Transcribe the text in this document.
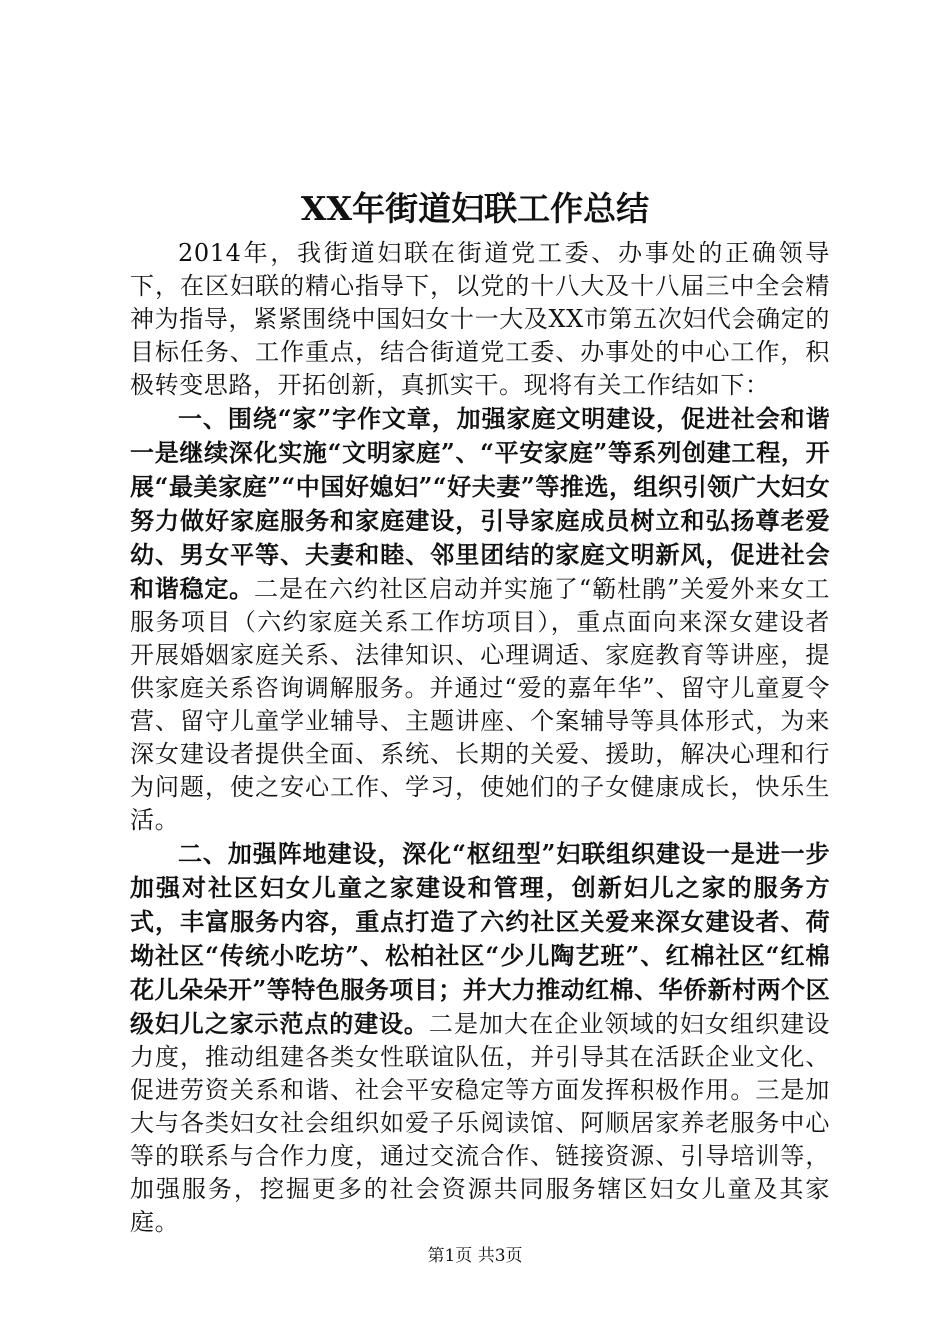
XX年街道妇联工作总结

2014年，我街道妇联在街道党工委、办事处的正确领导下，在区妇联的精心指导下，以党的十八大及十八届三中全会精神为指导，紧紧围绕中国妇女十一大及XX市第五次妇代会确定的目标任务、工作重点，结合街道党工委、办事处的中心工作，积极转变思路，开拓创新，真抓实干。现将有关工作结如下：

一、围绕“家”字作文章，加强家庭文明建设，促进社会和谐一是继续深化实施“文明家庭”、“平安家庭”等系列创建工程，开展“最美家庭”“中国好媳妇”“好夫妻”等推选，组织引领广大妇女努力做好家庭服务和家庭建设，引导家庭成员树立和弘扬尊老爱幼、男女平等、夫妻和睦、邻里团结的家庭文明新风，促进社会和谐稳定。二是在六约社区启动并实施了“簕杜鹃”关爱外来女工服务项目（六约家庭关系工作坊项目），重点面向来深女建设者开展婚姻家庭关系、法律知识、心理调适、家庭教育等讲座，提供家庭关系咨询调解服务。并通过“爱的嘉年华”、留守儿童夏令营、留守儿童学业辅导、主题讲座、个案辅导等具体形式，为来深女建设者提供全面、系统、长期的关爱、援助，解决心理和行为问题，使之安心工作、学习，使她们的子女健康成长，快乐生活。

二、加强阵地建设，深化“枢纽型”妇联组织建设一是进一步加强对社区妇女儿童之家建设和管理，创新妇儿之家的服务方式，丰富服务内容，重点打造了六约社区关爱来深女建设者、荷坳社区“传统小吃坊”、松柏社区“少儿陶艺班”、红棉社区“红棉花儿朵朵开”等特色服务项目；并大力推动红棉、华侨新村两个区级妇儿之家示范点的建设。二是加大在企业领域的妇女组织建设力度，推动组建各类女性联谊队伍，并引导其在活跃企业文化、促进劳资关系和谐、社会平安稳定等方面发挥积极作用。三是加大与各类妇女社会组织如爱子乐阅读馆、阿顺居家养老服务中心等的联系与合作力度，通过交流合作、链接资源、引导培训等，加强服务，挖掘更多的社会资源共同服务辖区妇女儿童及其家庭。

第1页 共3页
